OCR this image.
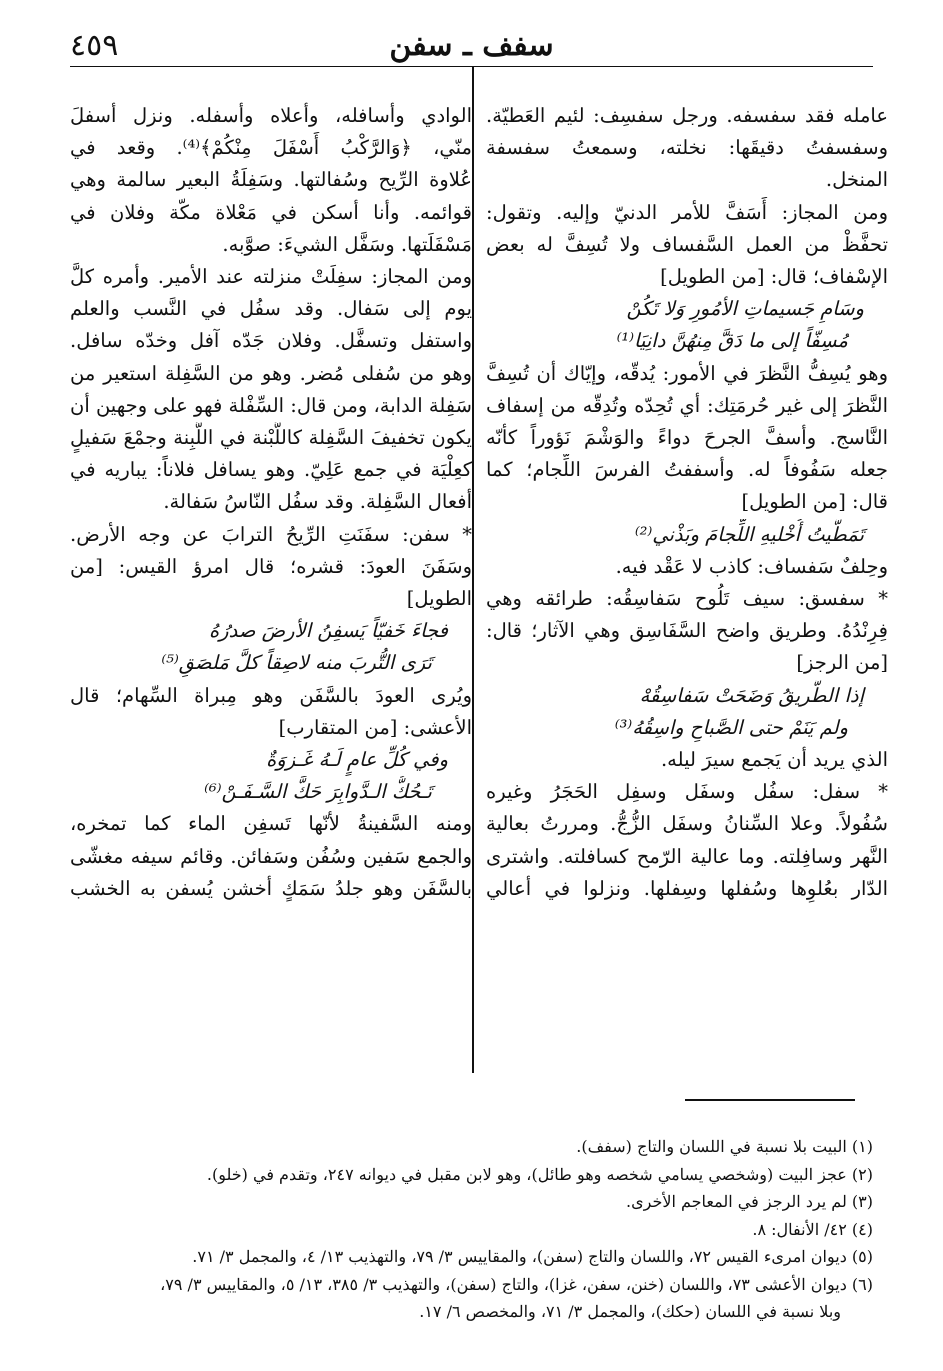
٤٥٩	سفف ـ سفن
عامله فقد سفسفه. ورجل سفسِف: لئيم العَطيّة.
وسفسفتُ دقيقَها: نخلته، وسمعتُ سفسفة
المنخل.
ومن المجاز: أَسَفَّ للأمر الدنيّ وإليه. وتقول:
تحفَّظْ من العمل السَّفساف ولا تُسِفَّ له بعض
الإسْفاف؛ قال: [من الطويل]
وسَامِ جَسيماتِ الأمُورِ وَلا تَكُنْ
مُسِفّاً إلى ما دَقَّ مِنهُنَّ دانِيَا⁽¹⁾
وهو يُسِفُّ النَّظرَ في الأمور: يُدقّه، وإيّاك أن تُسِفَّ
النَّظرَ إلى غير حُرمَتِك: أي تُحِدّه وتُدِقّه من إسفاف
النَّاسج. وأسفَّ الجرحَ دواءً والوَشْمَ نَؤوراً كأنّه
جعله سَفُوفاً له. وأسففتُ الفرسَ اللِّجام؛ كما
قال: [من الطويل]
تَمَطَّيتُ أُخْليهِ اللِّجامَ وبَذْني⁽²⁾
وحِلفٌ سَفساف: كاذب لا عَقْد فيه.
* سفسق: سيف تَلُوح سَفاسِقُه: طرائقه وهي
فِرِنْدُهُ. وطريق واضح السَّفَاسِق وهي الآثار؛ قال:
[من الرجز]
إذا الطَّريقُ وَضَحَتْ سَفاسِقُهْ
ولم يَنَمْ حتى الصَّباحِ واسِقُهُ⁽³⁾
الذي يريد أن يَجمع سيرَ ليله.
* سفل: سفُل وسفَل وسفِل الحَجَرُ وغيره
سُفُولاً. وعلا السِّنانُ وسفَل الزُّجُّ. ومررتُ بعالية
النَّهر وسافِلته. وما عالية الرّمح كسافلته. واشترى
الدّار بعُلوِها وسُفلها وسِفلها. ونزلوا في أعالي
الوادي وأسافله، وأعلاه وأسفله. ونزل أسفلَ
منّي، ﴿وَالرَّكْبُ أَسْفَلَ مِنْكُمْ﴾⁽⁴⁾. وقعد في
عُلاوة الرِّيح وسُفالتها. وسَفِلَةُ البعير سالمة وهي
قوائمه. وأنا أسكن في مَعْلاة مكّة وفلان في
مَسْفَلَتها. وسَفَّل الشيءَ: صوَّبه.
ومن المجاز: سفِلَتْ منزلته عند الأمير. وأمره كلَّ
يوم إلى سَفال. وقد سفُل في النَّسب والعلم
واستفل وتسفَّل. وفلان جَدّه آفل وخدّه سافل.
وهو من سُفلى مُضر. وهو من السَّفِلة استعير من
سَفِلة الدابة، ومن قال: السِّفْلة فهو على وجهين أن
يكون تخفيفَ السَّفِلة كاللَّبْنة في اللَّبِنة وجمْعَ سَفيلٍ
كعِلْيَة في جمع عَلِيّ. وهو يسافل فلاناً: يباريه في
أفعال السَّفِلة. وقد سفُل النّاسُ سَفالة.
* سفن: سفَنَتِ الرِّيحُ الترابَ عن وجه الأرض.
وسَفَنَ العودَ: قشره؛ قال امرؤ القيس: [من
الطويل]
فجاءَ خَفيّاً يَسفِنُ الأرضَ صدرُهُ
تَرَى التُّربَ منه لاصِقاً كلَّ مَلصَقِ⁽⁵⁾
ويُرى العودَ بالسَّفَن وهو مِبراة السِّهام؛ قال
الأعشى: [من المتقارب]
وفي كُلِّ عامٍ لَـهُ غَـزوَةٌ
تَـحُكُّ الـدَّوابِرَ حَكَّ السَّـفَـنْ⁽⁶⁾
ومنه السَّفينةُ لأنّها تَسفِن الماء كما تمخره،
والجمع سَفين وسُفُن وسَفائن. وقائم سيفه مغشّى
بالسَّفَن وهو جلدُ سَمَكٍ أخشن يُسفن به الخشب
(١) البيت بلا نسبة في اللسان والتاج (سفف).
(٢) عجز البيت (وشخصي يسامي شخصه وهو طائل)، وهو لابن مقبل في ديوانه ٢٤٧، وتقدم في (خلو).
(٣) لم يرد الرجز في المعاجم الأخرى.
(٤) ٤٢/ الأنفال: ٨.
(٥) ديوان امرىء القيس ٧٢، واللسان والتاج (سفن)، والمقاييس ٣/ ٧٩، والتهذيب ١٣/ ٤، والمجمل ٣/ ٧١.
(٦) ديوان الأعشى ٧٣، واللسان (خنن، سفن، غزا)، والتاج (سفن)، والتهذيب ٣/ ٣٨٥، ١٣/ ٥، والمقاييس ٣/ ٧٩،
وبلا نسبة في اللسان (حكك)، والمجمل ٣/ ٧١، والمخصص ٦/ ١٧.
